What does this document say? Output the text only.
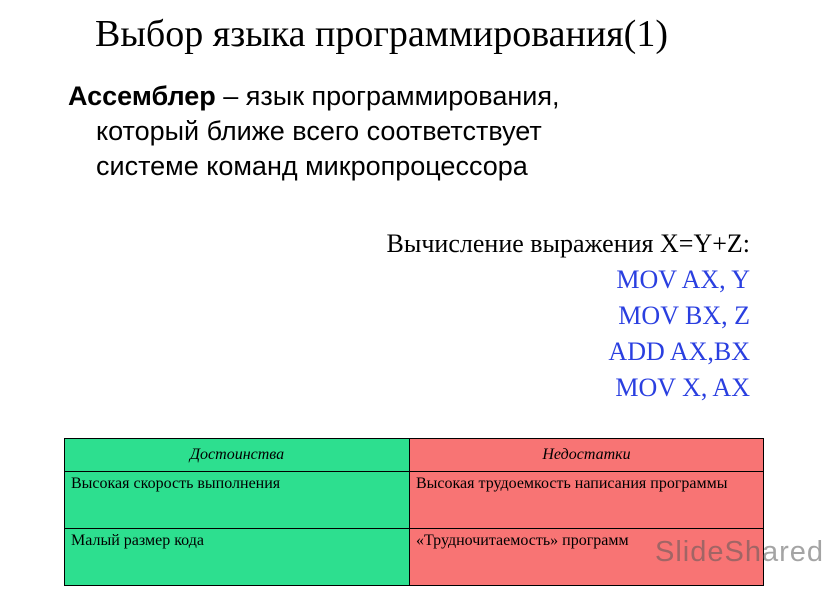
Выбор языка программирования(1)
Ассемблер – язык программирования,
который ближе всего соответствует
системе команд микропроцессора
Вычисление выражения X=Y+Z:
MOV AX, Y
MOV BX, Z
ADD AX,BX
MOV X, AX
Достоинства	Недостатки
Высокая скорость выполнения	Высокая трудоемкость написания программы
Малый размер кода	«Трудночитаемость» программ SlideShared
